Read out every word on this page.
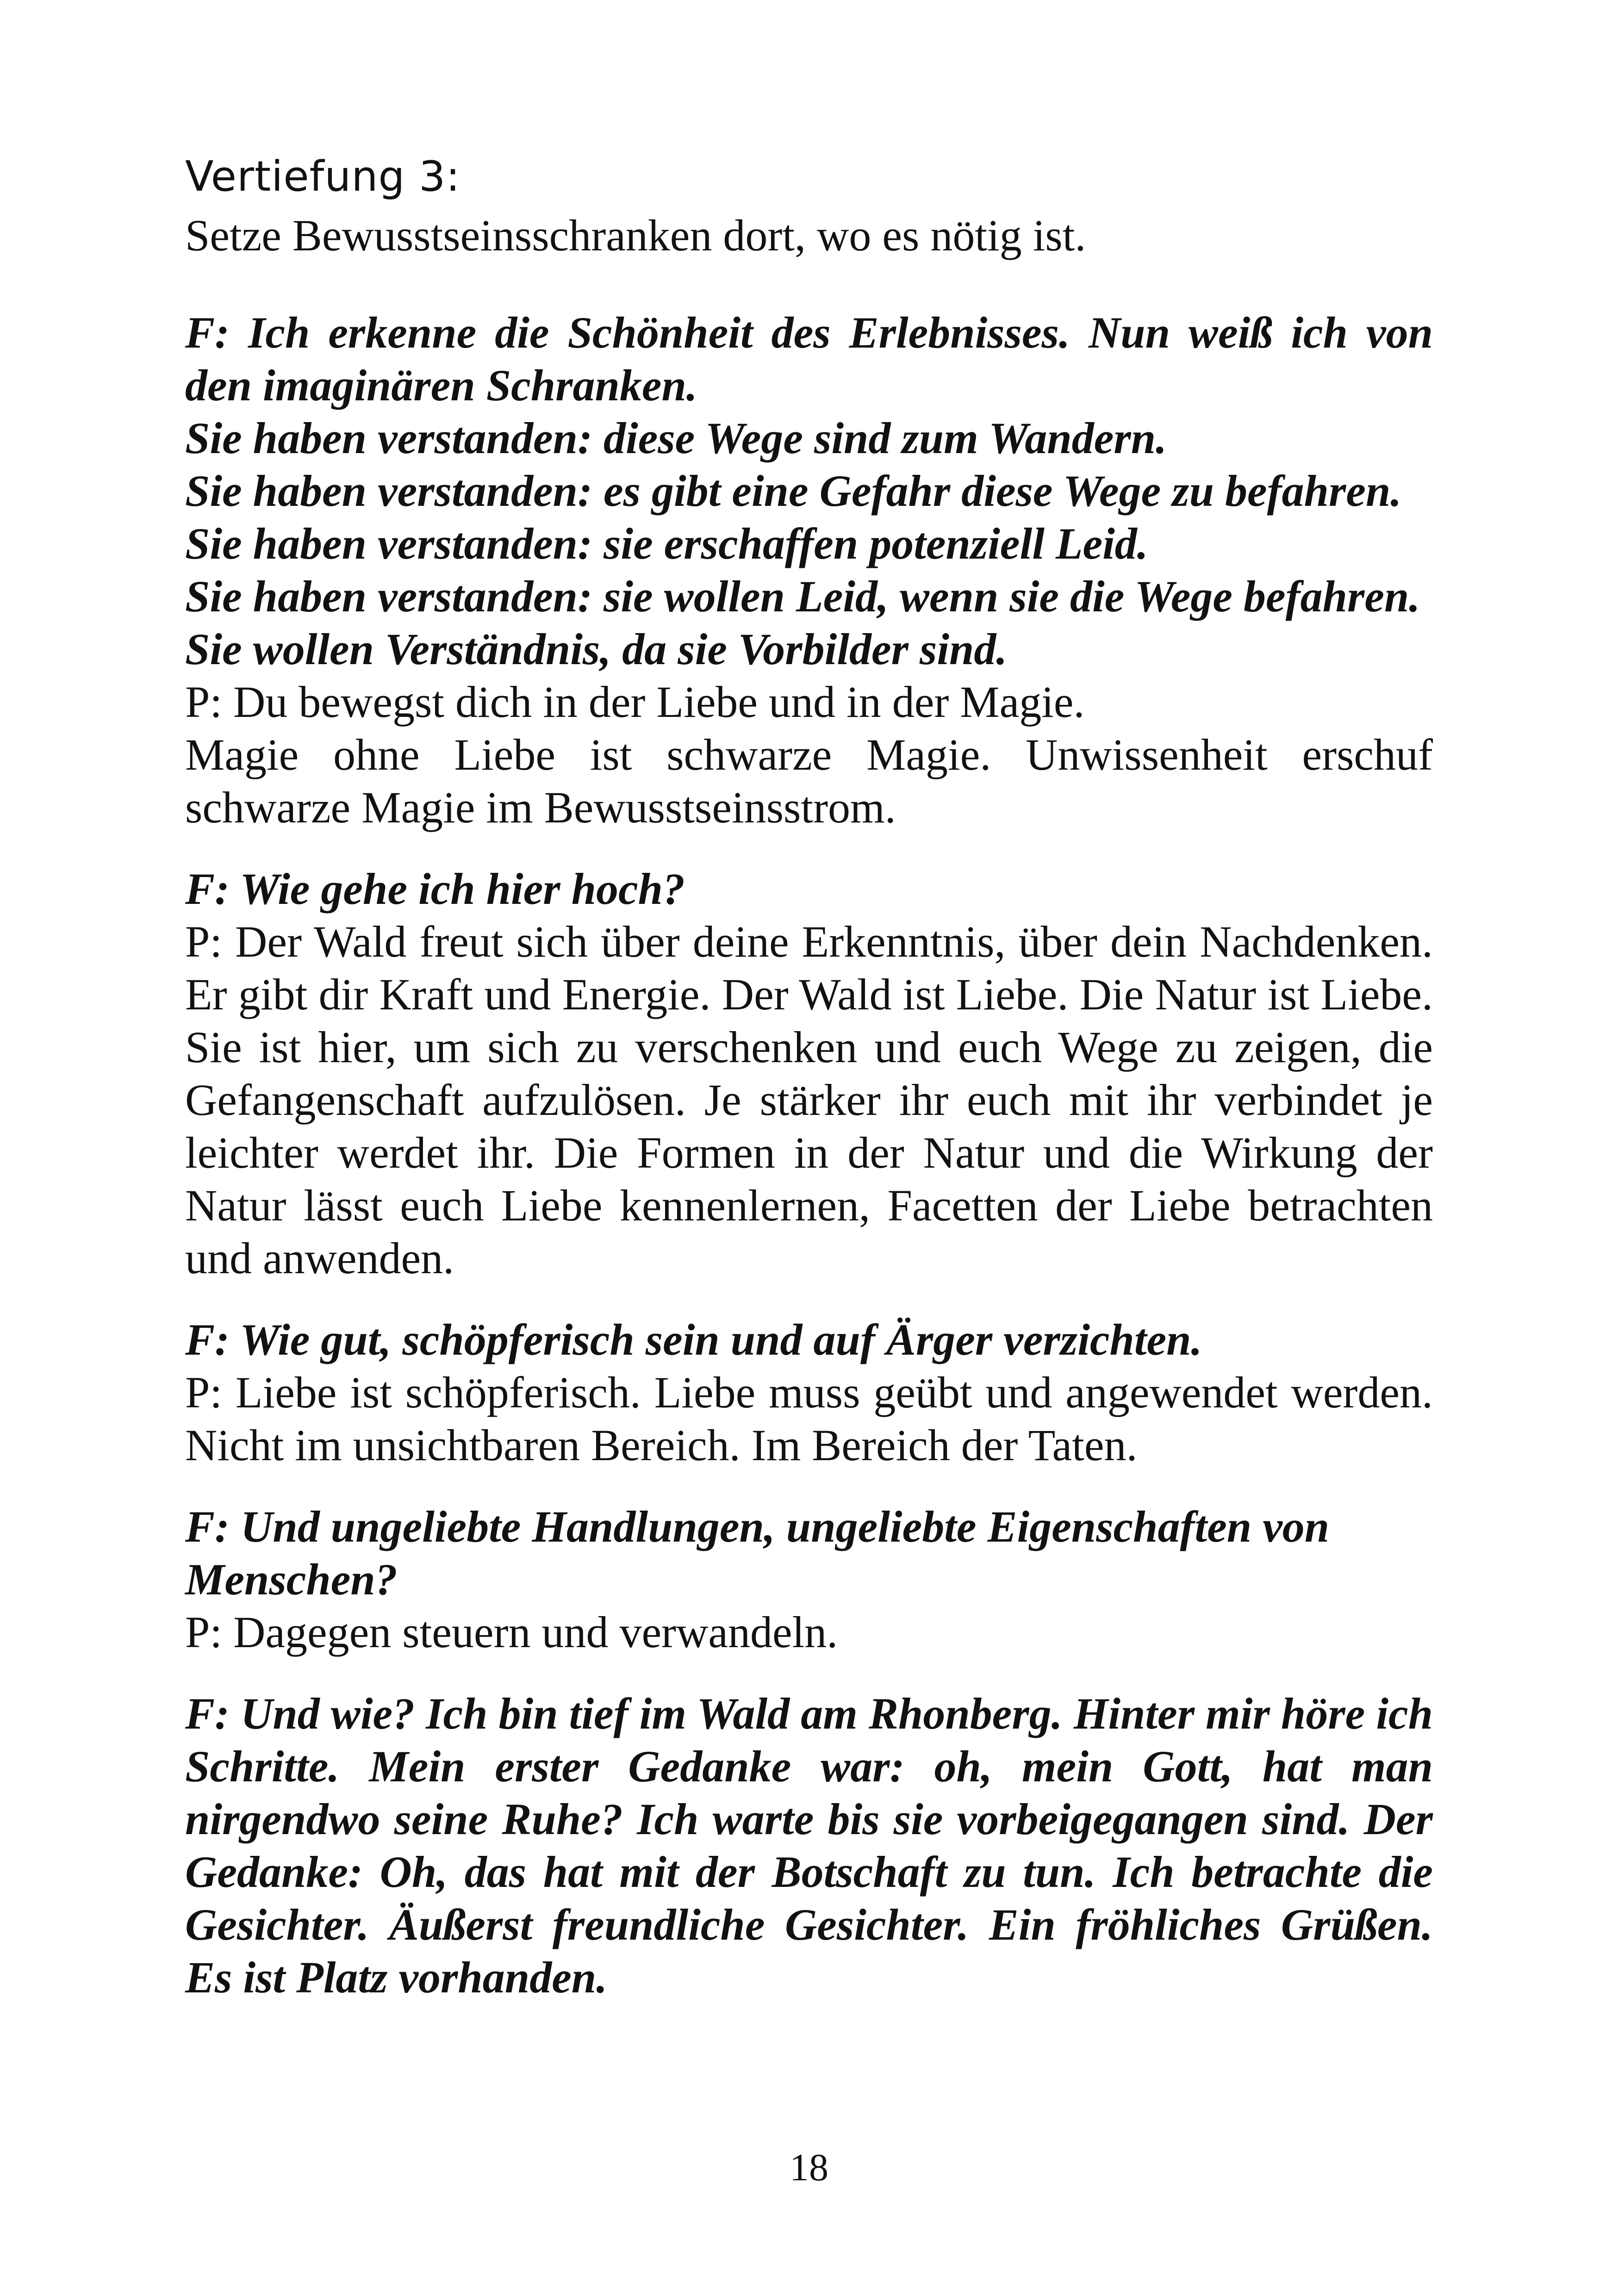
Vertiefung 3:

Setze Bewusstseinsschranken dort, wo es nötig ist.

F: Ich erkenne die Schönheit des Erlebnisses. Nun weiß ich von den imaginären Schranken.

Sie haben verstanden: diese Wege sind zum Wandern.

Sie haben verstanden: es gibt eine Gefahr diese Wege zu befahren.

Sie haben verstanden: sie erschaffen potenziell Leid.

Sie haben verstanden: sie wollen Leid, wenn sie die Wege befahren.

Sie wollen Verständnis, da sie Vorbilder sind.

P: Du bewegst dich in der Liebe und in der Magie.

Magie ohne Liebe ist schwarze Magie. Unwissenheit erschuf schwarze Magie im Bewusstseinsstrom.

F: Wie gehe ich hier hoch?

P: Der Wald freut sich über deine Erkenntnis, über dein Nachdenken. Er gibt dir Kraft und Energie. Der Wald ist Liebe. Die Natur ist Liebe. Sie ist hier, um sich zu verschenken und euch Wege zu zeigen, die Gefangenschaft aufzulösen. Je stärker ihr euch mit ihr verbindet je leichter werdet ihr. Die Formen in der Natur und die Wirkung der Natur lässt euch Liebe kennenlernen, Facetten der Liebe betrachten und anwenden.

F: Wie gut, schöpferisch sein und auf Ärger verzichten.

P: Liebe ist schöpferisch. Liebe muss geübt und angewendet werden. Nicht im unsichtbaren Bereich. Im Bereich der Taten.

F: Und ungeliebte Handlungen, ungeliebte Eigenschaften von Menschen?

P: Dagegen steuern und verwandeln.

F: Und wie? Ich bin tief im Wald am Rhonberg. Hinter mir höre ich Schritte. Mein erster Gedanke war: oh, mein Gott, hat man nirgendwo seine Ruhe? Ich warte bis sie vorbeigegangen sind. Der Gedanke: Oh, das hat mit der Botschaft zu tun. Ich betrachte die Gesichter. Äußerst freundliche Gesichter. Ein fröhliches Grüßen. Es ist Platz vorhanden.

18
